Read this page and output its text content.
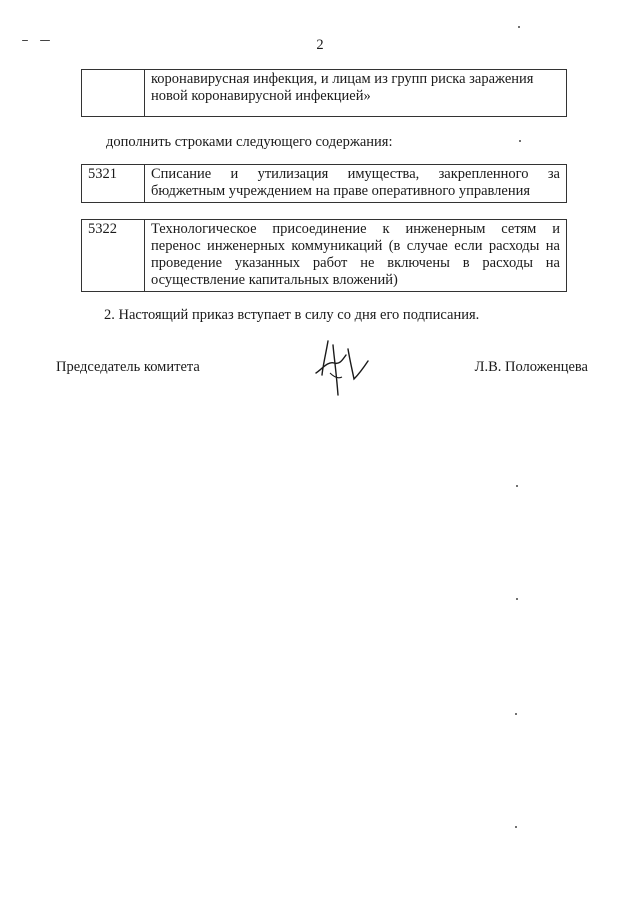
2

коронавирусная инфекция, и лицам из групп риска заражения
новой коронавирусной инфекцией»
дополнить строками следующего содержания:
5321	Списание и утилизация имущества, закрепленного за
бюджетным учреждением на праве оперативного управления
5322	Технологическое присоединение к инженерным сетям и
перенос инженерных коммуникаций (в случае если расходы на
проведение указанных работ не включены в расходы на
осуществление капитальных вложений)
2. Настоящий приказ вступает в силу со дня его подписания.
Председатель комитета	Л.В. Положенцева
